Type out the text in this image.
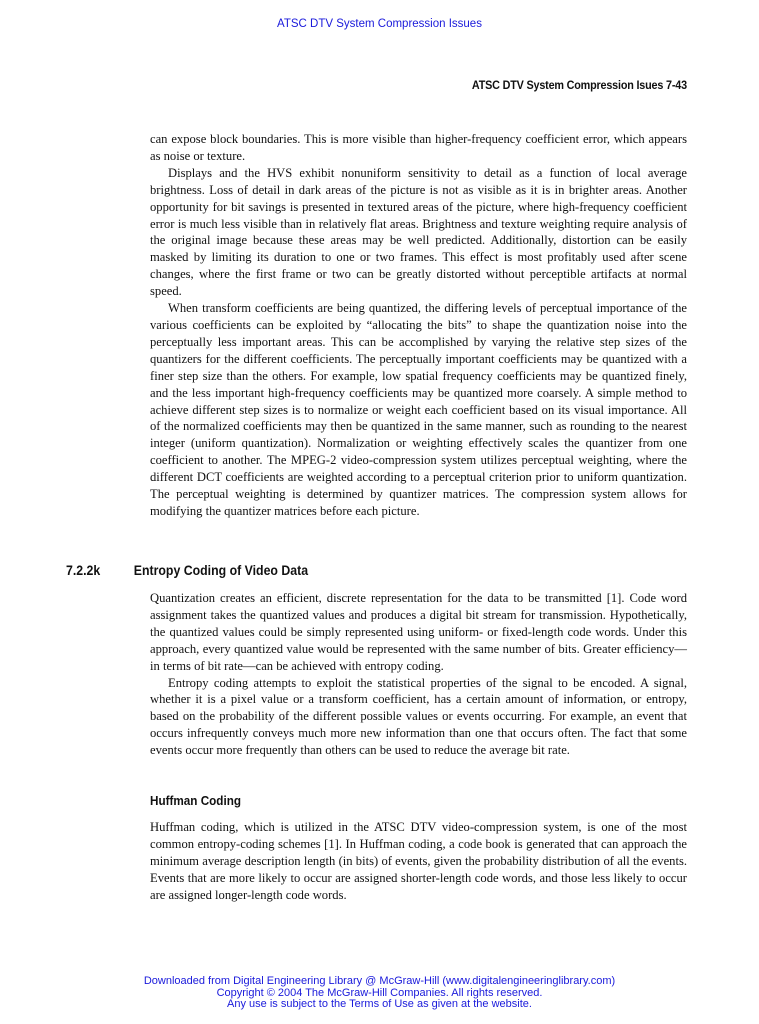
ATSC DTV System Compression Issues
ATSC DTV System Compression Isues 7-43

can expose block boundaries. This is more visible than higher-frequency coefficient error, which appears as noise or texture.

Displays and the HVS exhibit nonuniform sensitivity to detail as a function of local average brightness. Loss of detail in dark areas of the picture is not as visible as it is in brighter areas. Another opportunity for bit savings is presented in textured areas of the picture, where high-frequency coefficient error is much less visible than in relatively flat areas. Brightness and texture weighting require analysis of the original image because these areas may be well predicted. Additionally, distortion can be easily masked by limiting its duration to one or two frames. This effect is most profitably used after scene changes, where the first frame or two can be greatly distorted without perceptible artifacts at normal speed.

When transform coefficients are being quantized, the differing levels of perceptual importance of the various coefficients can be exploited by “allocating the bits” to shape the quantization noise into the perceptually less important areas. This can be accomplished by varying the relative step sizes of the quantizers for the different coefficients. The perceptually important coefficients may be quantized with a finer step size than the others. For example, low spatial frequency coefficients may be quantized finely, and the less important high-frequency coefficients may be quantized more coarsely. A simple method to achieve different step sizes is to normalize or weight each coefficient based on its visual importance. All of the normalized coefficients may then be quantized in the same manner, such as rounding to the nearest integer (uniform quantization). Normalization or weighting effectively scales the quantizer from one coefficient to another. The MPEG-2 video-compression system utilizes perceptual weighting, where the different DCT coefficients are weighted according to a perceptual criterion prior to uniform quantization. The perceptual weighting is determined by quantizer matrices. The compression system allows for modifying the quantizer matrices before each picture.

7.2.2k Entropy Coding of Video Data

Quantization creates an efficient, discrete representation for the data to be transmitted [1]. Code word assignment takes the quantized values and produces a digital bit stream for transmission. Hypothetically, the quantized values could be simply represented using uniform- or fixed-length code words. Under this approach, every quantized value would be represented with the same number of bits. Greater efficiency—in terms of bit rate—can be achieved with entropy coding.

Entropy coding attempts to exploit the statistical properties of the signal to be encoded. A signal, whether it is a pixel value or a transform coefficient, has a certain amount of information, or entropy, based on the probability of the different possible values or events occurring. For example, an event that occurs infrequently conveys much more new information than one that occurs often. The fact that some events occur more frequently than others can be used to reduce the average bit rate.

Huffman Coding

Huffman coding, which is utilized in the ATSC DTV video-compression system, is one of the most common entropy-coding schemes [1]. In Huffman coding, a code book is generated that can approach the minimum average description length (in bits) of events, given the probability distribution of all the events. Events that are more likely to occur are assigned shorter-length code words, and those less likely to occur are assigned longer-length code words.

Downloaded from Digital Engineering Library @ McGraw-Hill (www.digitalengineeringlibrary.com)
Copyright © 2004 The McGraw-Hill Companies. All rights reserved.
Any use is subject to the Terms of Use as given at the website.
